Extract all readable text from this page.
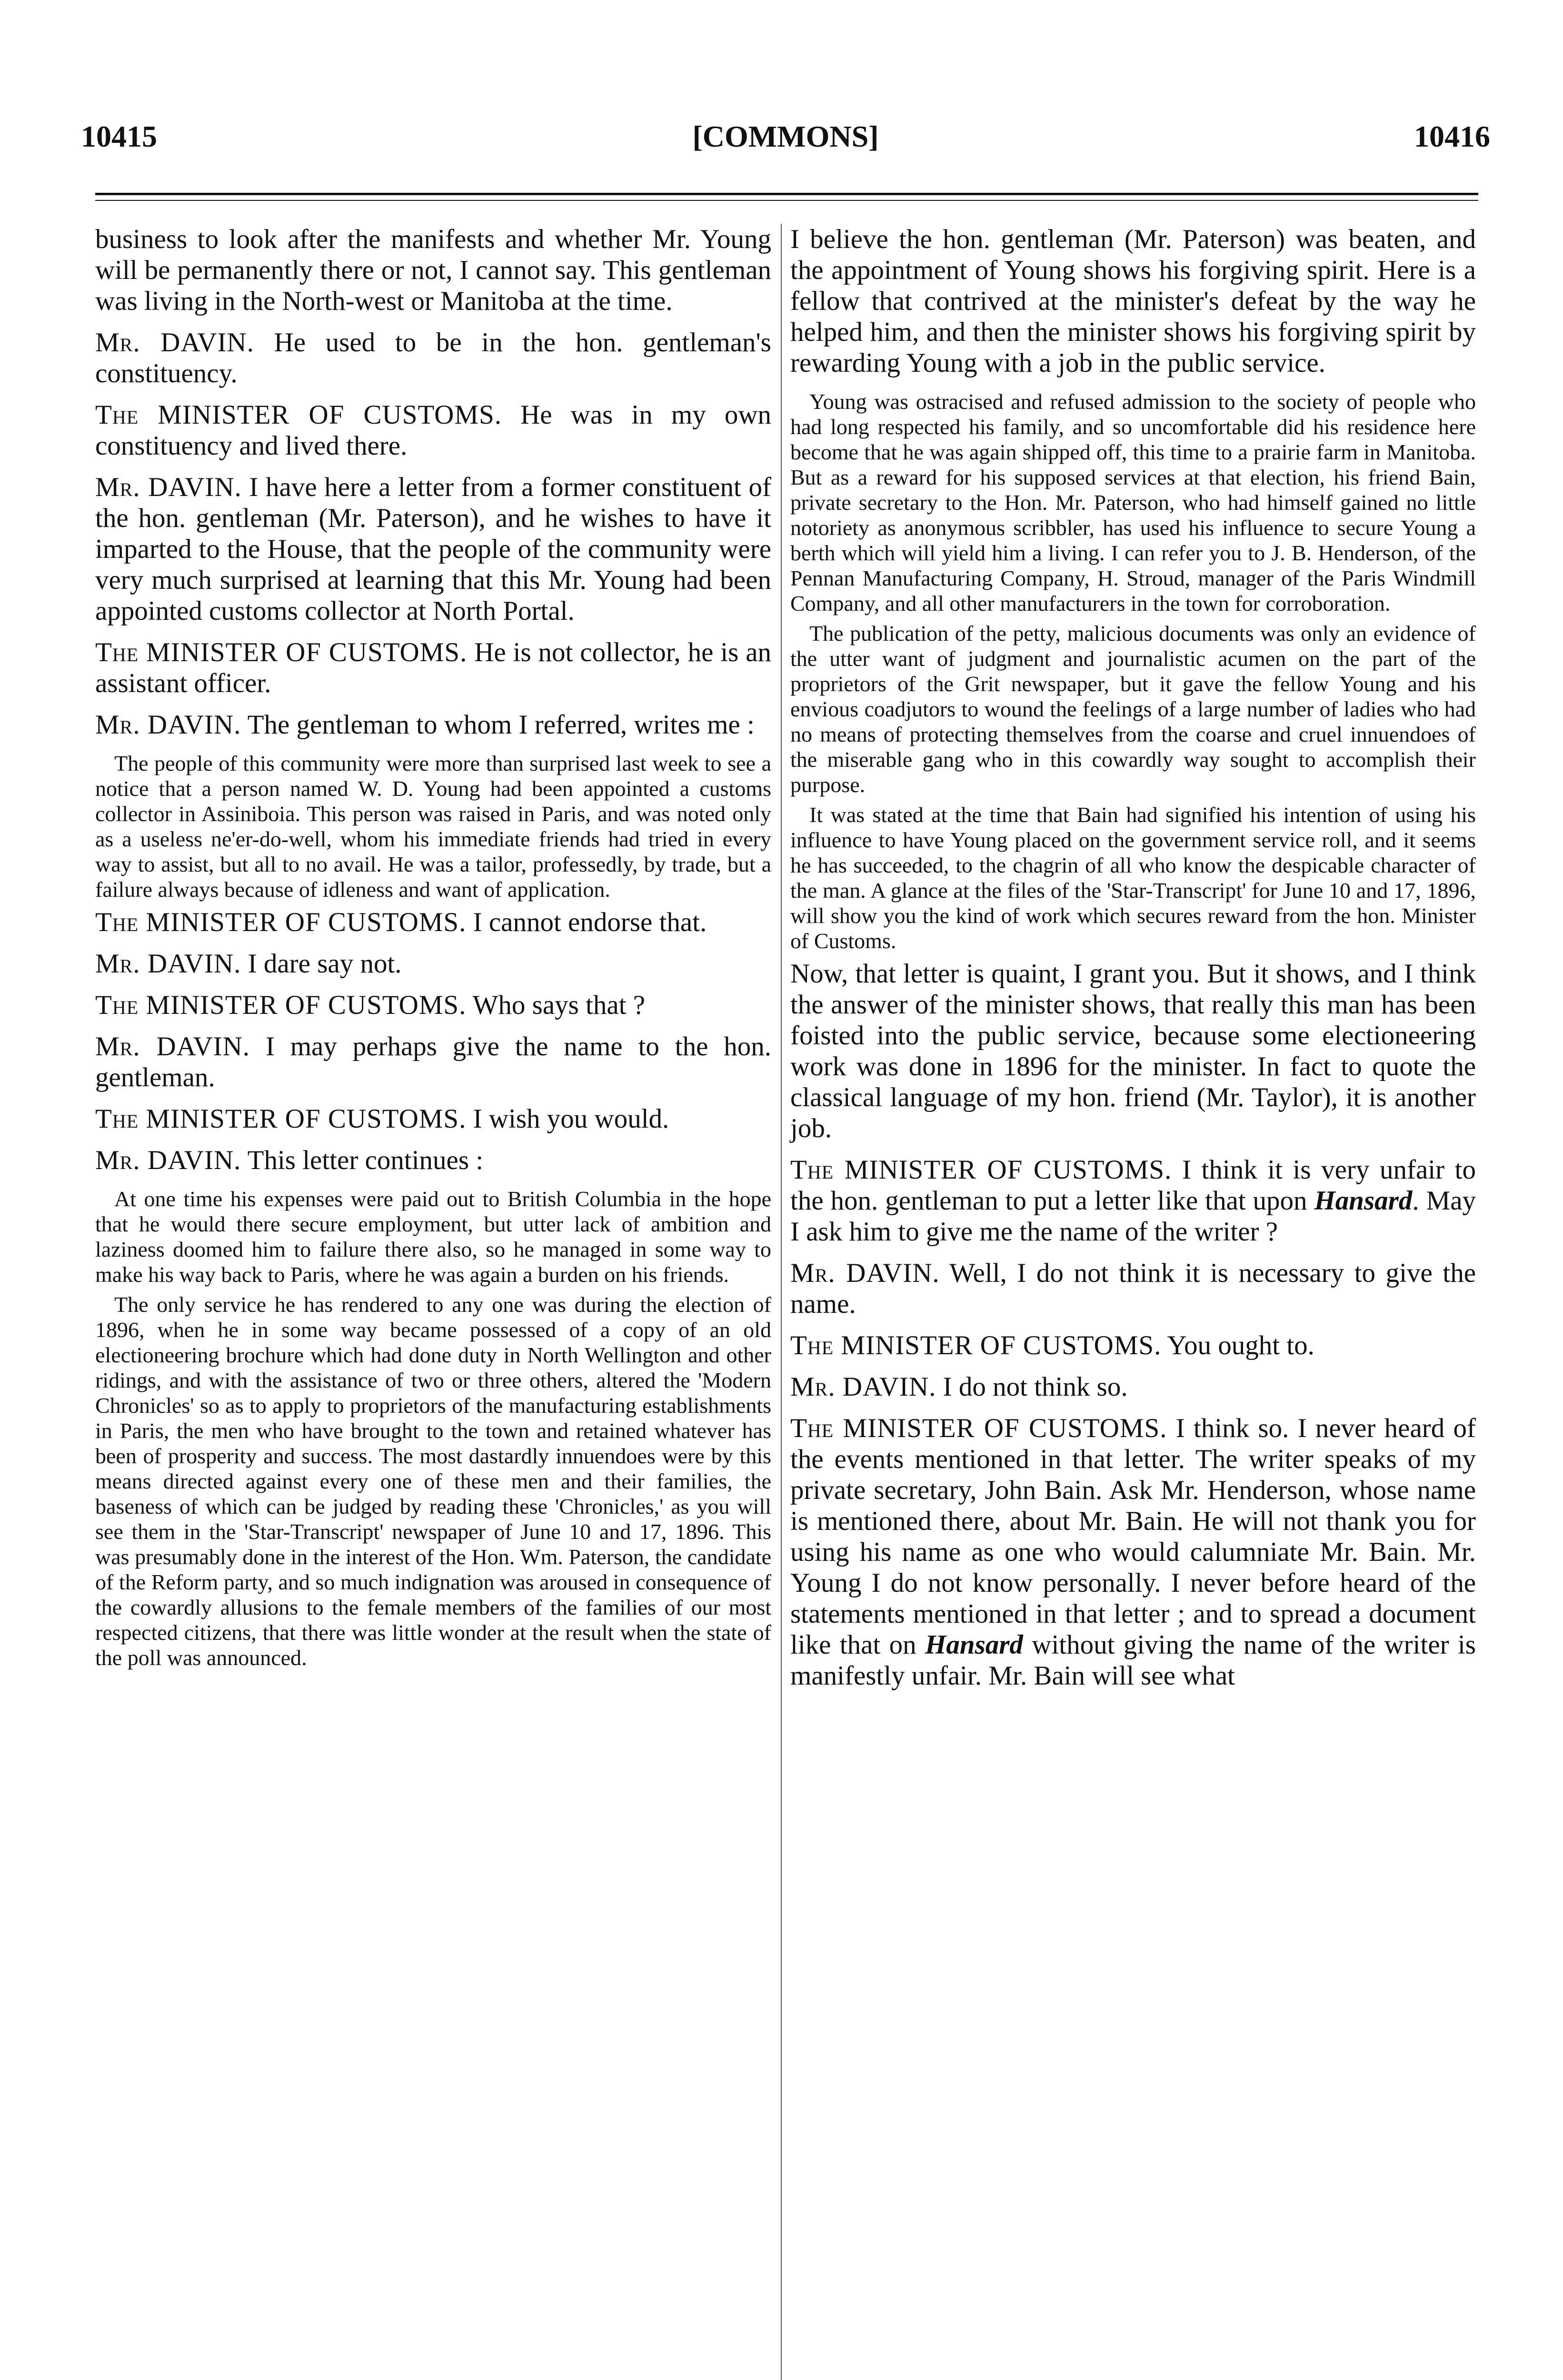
10415	[COMMONS]	10416

business to look after the manifests and whether Mr. Young will be permanently there or not, I cannot say. This gentleman was living in the North-west or Manitoba at the time.

Mr. DAVIN. He used to be in the hon. gentleman's constituency.

The MINISTER OF CUSTOMS. He was in my own constituency and lived there.

Mr. DAVIN. I have here a letter from a former constituent of the hon. gentleman (Mr. Paterson), and he wishes to have it imparted to the House, that the people of the community were very much surprised at learning that this Mr. Young had been appointed customs collector at North Portal.

The MINISTER OF CUSTOMS. He is not collector, he is an assistant officer.

Mr. DAVIN. The gentleman to whom I referred, writes me :

The people of this community were more than surprised last week to see a notice that a person named W. D. Young had been appointed a customs collector in Assiniboia. This person was raised in Paris, and was noted only as a useless ne'er-do-well, whom his immediate friends had tried in every way to assist, but all to no avail. He was a tailor, professedly, by trade, but a failure always because of idleness and want of application.

The MINISTER OF CUSTOMS. I cannot endorse that.

Mr. DAVIN. I dare say not.

The MINISTER OF CUSTOMS. Who says that ?

Mr. DAVIN. I may perhaps give the name to the hon. gentleman.

The MINISTER OF CUSTOMS. I wish you would.

Mr. DAVIN. This letter continues :

At one time his expenses were paid out to British Columbia in the hope that he would there secure employment, but utter lack of ambition and laziness doomed him to failure there also, so he managed in some way to make his way back to Paris, where he was again a burden on his friends.

The only service he has rendered to any one was during the election of 1896, when he in some way became possessed of a copy of an old electioneering brochure which had done duty in North Wellington and other ridings, and with the assistance of two or three others, altered the 'Modern Chronicles' so as to apply to proprietors of the manufacturing establishments in Paris, the men who have brought to the town and retained whatever has been of prosperity and success. The most dastardly innuendoes were by this means directed against every one of these men and their families, the baseness of which can be judged by reading these 'Chronicles,' as you will see them in the 'Star-Transcript' newspaper of June 10 and 17, 1896. This was presumably done in the interest of the Hon. Wm. Paterson, the candidate of the Reform party, and so much indignation was aroused in consequence of the cowardly allusions to the female members of the families of our most respected citizens, that there was little wonder at the result when the state of the poll was announced.

I believe the hon. gentleman (Mr. Paterson) was beaten, and the appointment of Young shows his forgiving spirit. Here is a fellow that contrived at the minister's defeat by the way he helped him, and then the minister shows his forgiving spirit by rewarding Young with a job in the public service.

Young was ostracised and refused admission to the society of people who had long respected his family, and so uncomfortable did his residence here become that he was again shipped off, this time to a prairie farm in Manitoba. But as a reward for his supposed services at that election, his friend Bain, private secretary to the Hon. Mr. Paterson, who had himself gained no little notoriety as anonymous scribbler, has used his influence to secure Young a berth which will yield him a living. I can refer you to J. B. Henderson, of the Pennan Manufacturing Company, H. Stroud, manager of the Paris Windmill Company, and all other manufacturers in the town for corroboration.

The publication of the petty, malicious documents was only an evidence of the utter want of judgment and journalistic acumen on the part of the proprietors of the Grit newspaper, but it gave the fellow Young and his envious coadjutors to wound the feelings of a large number of ladies who had no means of protecting themselves from the coarse and cruel innuendoes of the miserable gang who in this cowardly way sought to accomplish their purpose.

It was stated at the time that Bain had signified his intention of using his influence to have Young placed on the government service roll, and it seems he has succeeded, to the chagrin of all who know the despicable character of the man. A glance at the files of the 'Star-Transcript' for June 10 and 17, 1896, will show you the kind of work which secures reward from the hon. Minister of Customs.

Now, that letter is quaint, I grant you. But it shows, and I think the answer of the minister shows, that really this man has been foisted into the public service, because some electioneering work was done in 1896 for the minister. In fact to quote the classical language of my hon. friend (Mr. Taylor), it is another job.

The MINISTER OF CUSTOMS. I think it is very unfair to the hon. gentleman to put a letter like that upon Hansard. May I ask him to give me the name of the writer ?

Mr. DAVIN. Well, I do not think it is necessary to give the name.

The MINISTER OF CUSTOMS. You ought to.

Mr. DAVIN. I do not think so.

The MINISTER OF CUSTOMS. I think so. I never heard of the events mentioned in that letter. The writer speaks of my private secretary, John Bain. Ask Mr. Henderson, whose name is mentioned there, about Mr. Bain. He will not thank you for using his name as one who would calumniate Mr. Bain. Mr. Young I do not know personally. I never before heard of the statements mentioned in that letter ; and to spread a document like that on Hansard without giving the name of the writer is manifestly unfair. Mr. Bain will see what
